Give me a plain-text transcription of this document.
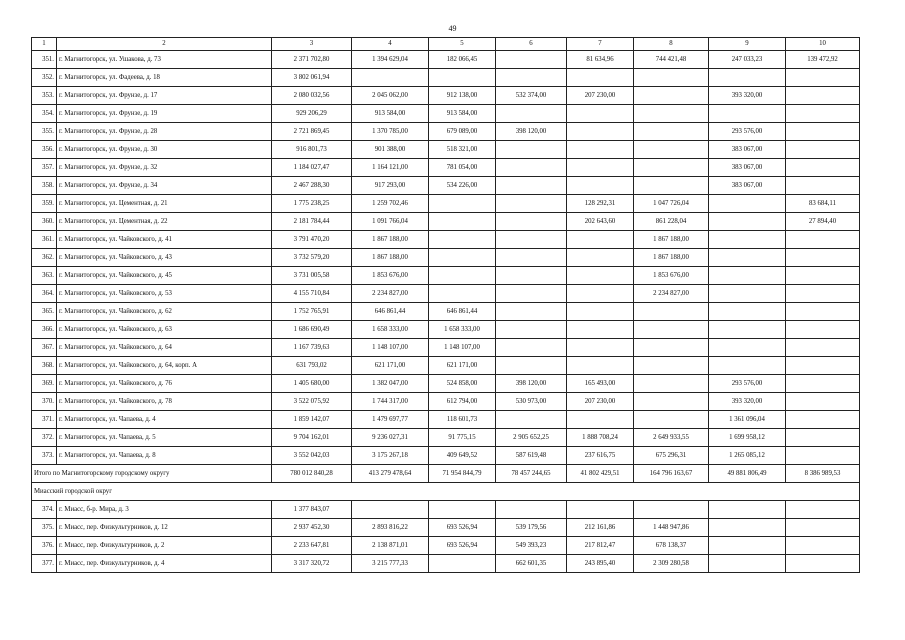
49
1	2	3	4	5	6	7	8	9	10
351.	г. Магнитогорск, ул. Ушакова, д. 73	2 371 702,80	1 394 629,04	182 066,45		81 634,96	744 421,48	247 033,23	139 472,92
352.	г. Магнитогорск, ул. Фадеева, д. 18	3 802 061,94							
353.	г. Магнитогорск, ул. Фрунзе, д. 17	2 080 032,56	2 045 062,00	912 138,00	532 374,00	207 230,00		393 320,00	
354.	г. Магнитогорск, ул. Фрунзе, д. 19	929 206,29	913 584,00	913 584,00					
355.	г. Магнитогорск, ул. Фрунзе, д. 28	2 721 869,45	1 370 785,00	679 089,00	398 120,00			293 576,00	
356.	г. Магнитогорск, ул. Фрунзе, д. 30	916 801,73	901 388,00	518 321,00				383 067,00	
357.	г. Магнитогорск, ул. Фрунзе, д. 32	1 184 027,47	1 164 121,00	781 054,00				383 067,00	
358.	г. Магнитогорск, ул. Фрунзе, д. 34	2 467 288,30	917 293,00	534 226,00				383 067,00	
359.	г. Магнитогорск, ул. Цементная, д. 21	1 775 238,25	1 259 702,46			128 292,31	1 047 726,04		83 684,11
360.	г. Магнитогорск, ул. Цементная, д. 22	2 181 784,44	1 091 766,04			202 643,60	861 228,04		27 894,40
361.	г. Магнитогорск, ул. Чайковского, д. 41	3 791 470,20	1 867 188,00				1 867 188,00		
362.	г. Магнитогорск, ул. Чайковского, д. 43	3 732 579,20	1 867 188,00				1 867 188,00		
363.	г. Магнитогорск, ул. Чайковского, д. 45	3 731 005,58	1 853 676,00				1 853 676,00		
364.	г. Магнитогорск, ул. Чайковского, д. 53	4 155 710,84	2 234 827,00				2 234 827,00		
365.	г. Магнитогорск, ул. Чайковского, д. 62	1 752 765,91	646 861,44	646 861,44					
366.	г. Магнитогорск, ул. Чайковского, д. 63	1 686 690,49	1 658 333,00	1 658 333,00					
367.	г. Магнитогорск, ул. Чайковского, д. 64	1 167 739,63	1 148 107,00	1 148 107,00					
368.	г. Магнитогорск, ул. Чайковского, д. 64, корп. А	631 793,02	621 171,00	621 171,00					
369.	г. Магнитогорск, ул. Чайковского, д. 76	1 405 680,00	1 382 047,00	524 858,00	398 120,00	165 493,00		293 576,00	
370.	г. Магнитогорск, ул. Чайковского, д. 78	3 522 075,92	1 744 317,00	612 794,00	530 973,00	207 230,00		393 320,00	
371.	г. Магнитогорск, ул. Чапаева, д. 4	1 859 142,07	1 479 697,77	118 601,73				1 361 096,04	
372.	г. Магнитогорск, ул. Чапаева, д. 5	9 704 162,01	9 236 027,31	91 775,15	2 905 652,25	1 888 708,24	2 649 933,55	1 699 958,12	
373.	г. Магнитогорск, ул. Чапаева, д. 8	3 552 042,03	3 175 267,18	409 649,52	587 619,48	237 616,75	675 296,31	1 265 085,12	
Итого по Магнитогорскому городскому округу		780 012 840,28	413 279 478,64	71 954 844,79	78 457 244,65	41 802 429,51	164 796 163,67	49 881 806,49	8 386 989,53
Миасский городской округ									
374.	г. Миасс, б-р. Мира, д. 3	1 377 843,07							
375.	г. Миасс, пер. Физкультурников, д. 12	2 937 452,30	2 893 816,22	693 526,94	539 179,56	212 161,86	1 448 947,86		
376.	г. Миасс, пер. Физкультурников, д. 2	2 233 647,81	2 138 871,01	693 526,94	549 393,23	217 812,47	678 138,37		
377.	г. Миасс, пер. Физкультурников, д. 4	3 317 320,72	3 215 777,33		662 601,35	243 895,40	2 309 280,58		
